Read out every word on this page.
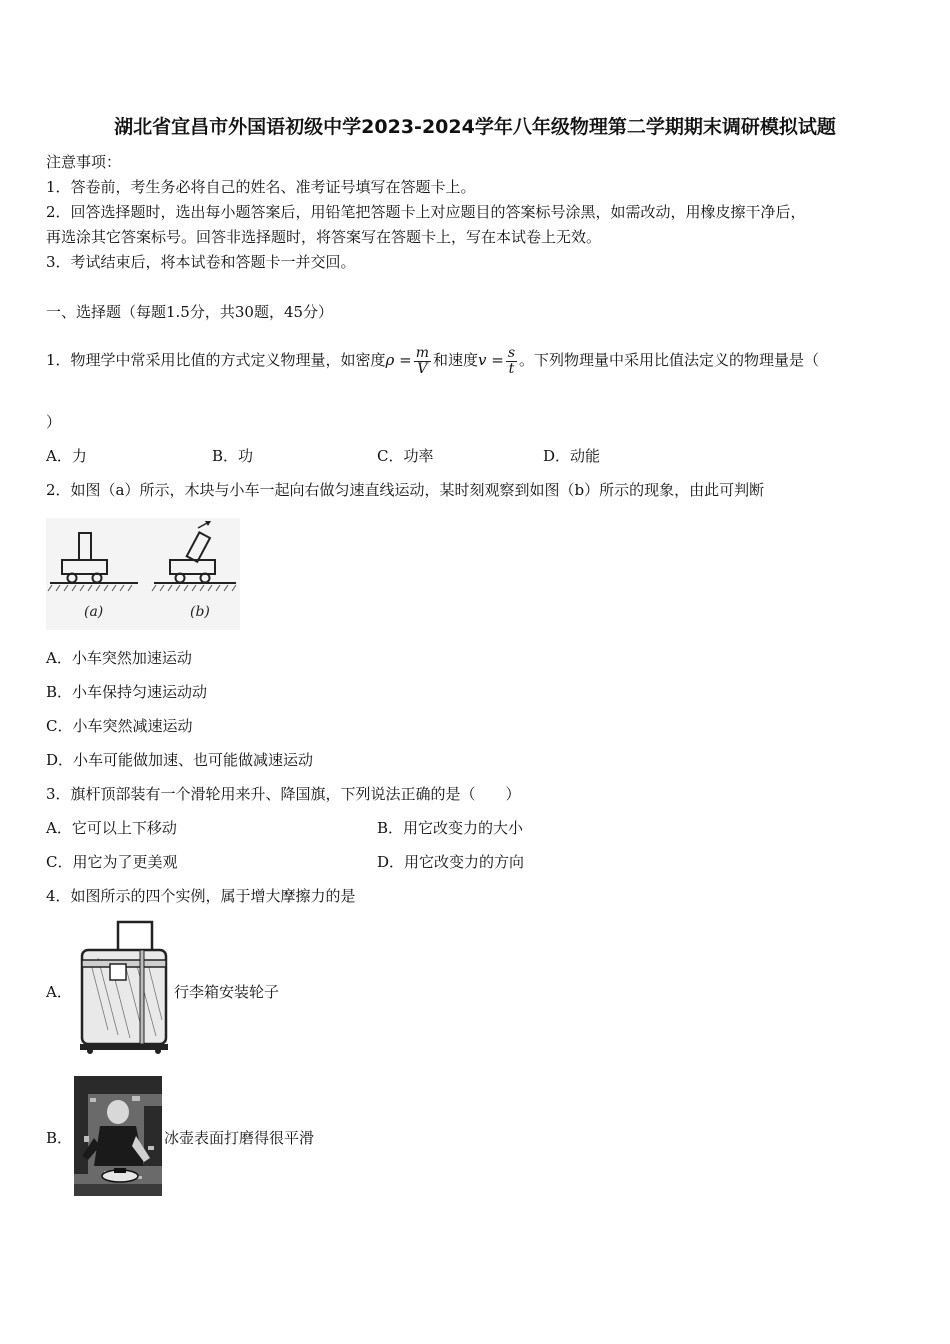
湖北省宜昌市外国语初级中学2023-2024学年八年级物理第二学期期末调研模拟试题
注意事项：
1．答卷前，考生务必将自己的姓名、准考证号填写在答题卡上。
2．回答选择题时，选出每小题答案后，用铅笔把答题卡上对应题目的答案标号涂黑，如需改动，用橡皮擦干净后，
再选涂其它答案标号。回答非选择题时，将答案写在答题卡上，写在本试卷上无效。
3．考试结束后，将本试卷和答题卡一并交回。
一、选择题（每题1.5分，共30题，45分）
1．物理学中常采用比值的方式定义物理量，如密度$\rho = \frac{m}{V}$ 和速度$v = \frac{s}{t}$ 。下列物理量中采用比值法定义的物理量是（
）
A．力	B．功	C．功率	D．动能
2．如图（a）所示，木块与小车一起向右做匀速直线运动，某时刻观察到如图（b）所示的现象，由此可判断
(a)	(b)
A．小车突然加速运动
B．小车保持匀速运动动
C．小车突然减速运动
D．小车可能做加速、也可能做减速运动
3．旗杆顶部装有一个滑轮用来升、降国旗，下列说法正确的是（　　）
A．它可以上下移动	B．用它改变力的大小
C．用它为了更美观	D．用它改变力的方向
4．如图所示的四个实例，属于增大摩擦力的是
A．	行李箱安装轮子
B．	冰壶表面打磨得很平滑
